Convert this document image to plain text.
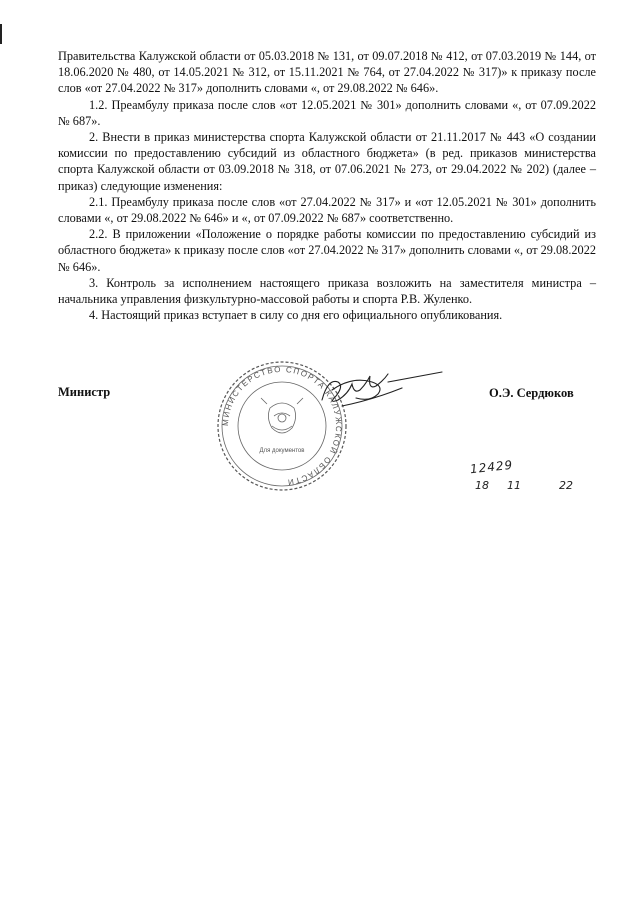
Правительства Калужской области от 05.03.2018 № 131, от 09.07.2018 № 412, от 07.03.2019 № 144, от 18.06.2020 № 480, от 14.05.2021 № 312, от 15.11.2021 № 764, от 27.04.2022 № 317)» к приказу после слов «от 27.04.2022 № 317» дополнить словами «, от 29.08.2022 № 646».

1.2. Преамбулу приказа после слов «от 12.05.2021 № 301» дополнить словами «, от 07.09.2022 № 687».

2. Внести в приказ министерства спорта Калужской области от 21.11.2017 № 443 «О создании комиссии по предоставлению субсидий из областного бюджета» (в ред. приказов министерства спорта Калужской области от 03.09.2018 № 318, от 07.06.2021 № 273, от 29.04.2022 № 202) (далее – приказ) следующие изменения:

2.1. Преамбулу приказа после слов «от 27.04.2022 № 317» и «от 12.05.2021 № 301» дополнить словами «, от 29.08.2022 № 646» и «, от 07.09.2022 № 687» соответственно.

2.2. В приложении «Положение о порядке работы комиссии по предоставлению субсидий из областного бюджета» к приказу после слов «от 27.04.2022 № 317» дополнить словами «, от 29.08.2022 № 646».

3. Контроль за исполнением настоящего приказа возложить на заместителя министра – начальника управления физкультурно-массовой работы и спорта Р.В. Жуленко.

4. Настоящий приказ вступает в силу со дня его официального опубликования.

Министр	О.Э. Сердюков
МИНИСТЕРСТВО СПОРТА КАЛУЖСКОЙ ОБЛАСТИ
Для документов
12429
18 11	22
